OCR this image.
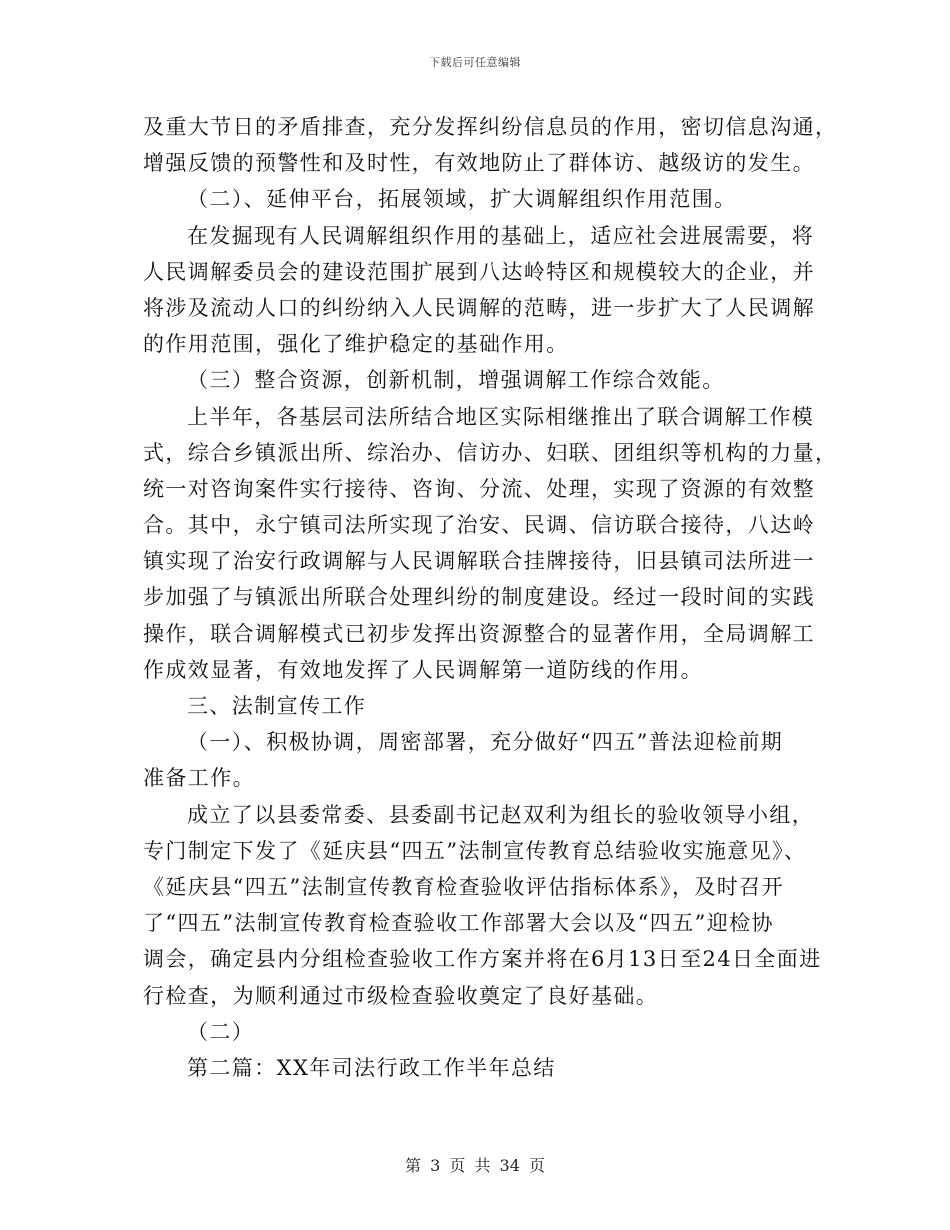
下载后可任意编辑
及重大节日的矛盾排查，充分发挥纠纷信息员的作用，密切信息沟通，
增强反馈的预警性和及时性，有效地防止了群体访、越级访的发生。
（二）、延伸平台，拓展领域，扩大调解组织作用范围。
在发掘现有人民调解组织作用的基础上，适应社会进展需要，将
人民调解委员会的建设范围扩展到八达岭特区和规模较大的企业，并
将涉及流动人口的纠纷纳入人民调解的范畴，进一步扩大了人民调解
的作用范围，强化了维护稳定的基础作用。
（三）整合资源，创新机制，增强调解工作综合效能。
上半年，各基层司法所结合地区实际相继推出了联合调解工作模
式，综合乡镇派出所、综治办、信访办、妇联、团组织等机构的力量，
统一对咨询案件实行接待、咨询、分流、处理，实现了资源的有效整
合。其中，永宁镇司法所实现了治安、民调、信访联合接待，八达岭
镇实现了治安行政调解与人民调解联合挂牌接待，旧县镇司法所进一
步加强了与镇派出所联合处理纠纷的制度建设。经过一段时间的实践
操作，联合调解模式已初步发挥出资源整合的显著作用，全局调解工
作成效显著，有效地发挥了人民调解第一道防线的作用。
三、法制宣传工作
（一）、积极协调，周密部署，充分做好“四五”普法迎检前期
准备工作。
成立了以县委常委、县委副书记赵双利为组长的验收领导小组，
专门制定下发了《延庆县“四五”法制宣传教育总结验收实施意见》、
《延庆县“四五”法制宣传教育检查验收评估指标体系》，及时召开
了“四五”法制宣传教育检查验收工作部署大会以及“四五”迎检协
调会，确定县内分组检查验收工作方案并将在6月13日至24日全面进
行检查，为顺利通过市级检查验收奠定了良好基础。
（二）
第二篇：XX年司法行政工作半年总结
第 3 页 共 34 页
